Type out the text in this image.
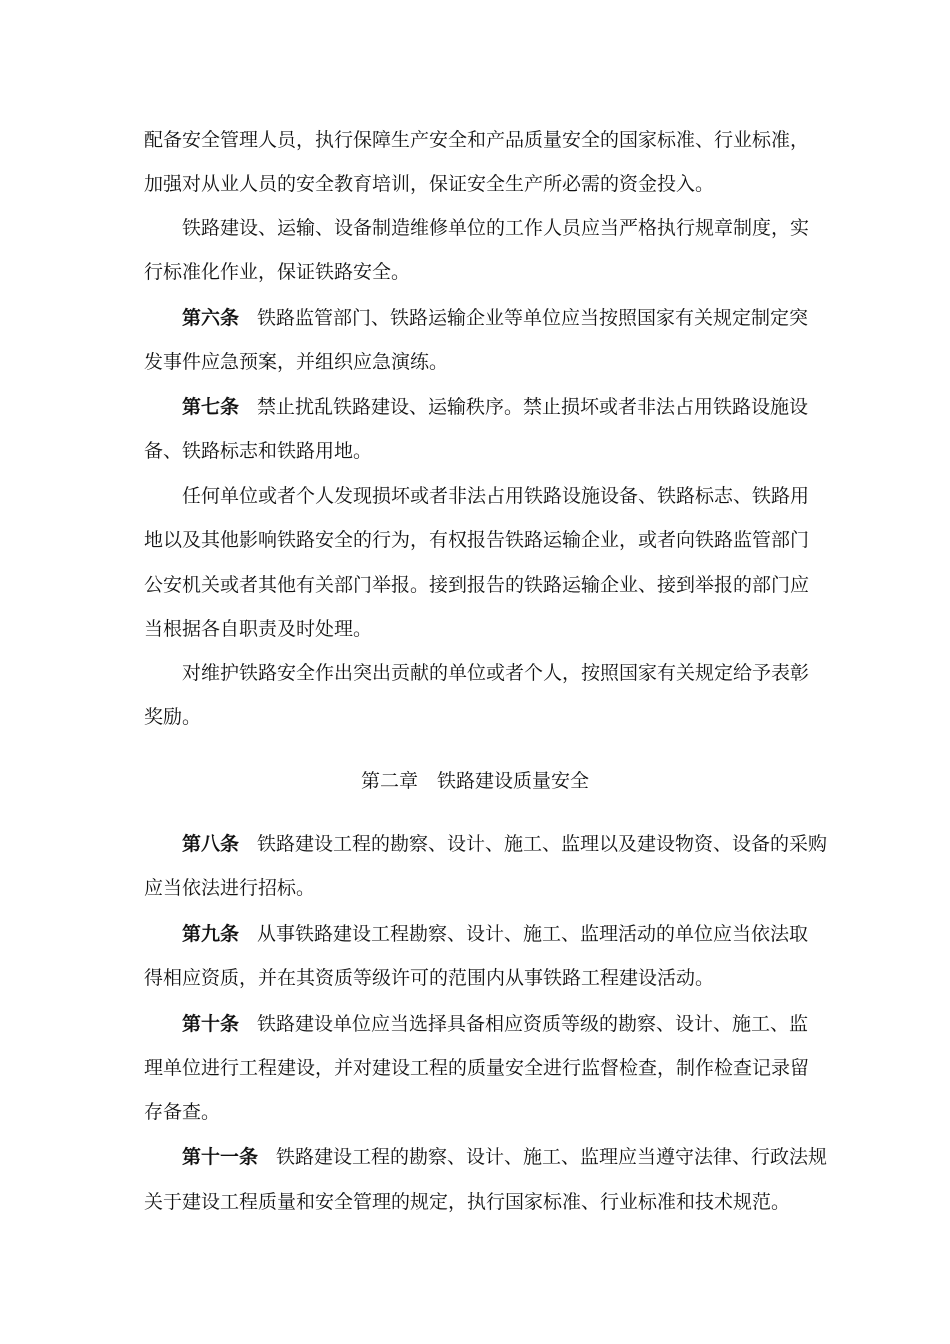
配备安全管理人员，执行保障生产安全和产品质量安全的国家标准、行业标准，
加强对从业人员的安全教育培训，保证安全生产所必需的资金投入。
铁路建设、运输、设备制造维修单位的工作人员应当严格执行规章制度，实
行标准化作业，保证铁路安全。
第六条 铁路监管部门、铁路运输企业等单位应当按照国家有关规定制定突
发事件应急预案，并组织应急演练。
第七条 禁止扰乱铁路建设、运输秩序。禁止损坏或者非法占用铁路设施设
备、铁路标志和铁路用地。
任何单位或者个人发现损坏或者非法占用铁路设施设备、铁路标志、铁路用
地以及其他影响铁路安全的行为，有权报告铁路运输企业，或者向铁路监管部门
公安机关或者其他有关部门举报。接到报告的铁路运输企业、接到举报的部门应
当根据各自职责及时处理。
对维护铁路安全作出突出贡献的单位或者个人，按照国家有关规定给予表彰
奖励。
第二章　铁路建设质量安全
第八条 铁路建设工程的勘察、设计、施工、监理以及建设物资、设备的采购
应当依法进行招标。
第九条 从事铁路建设工程勘察、设计、施工、监理活动的单位应当依法取
得相应资质，并在其资质等级许可的范围内从事铁路工程建设活动。
第十条 铁路建设单位应当选择具备相应资质等级的勘察、设计、施工、监
理单位进行工程建设，并对建设工程的质量安全进行监督检查，制作检查记录留
存备查。
第十一条 铁路建设工程的勘察、设计、施工、监理应当遵守法律、行政法规
关于建设工程质量和安全管理的规定，执行国家标准、行业标准和技术规范。
